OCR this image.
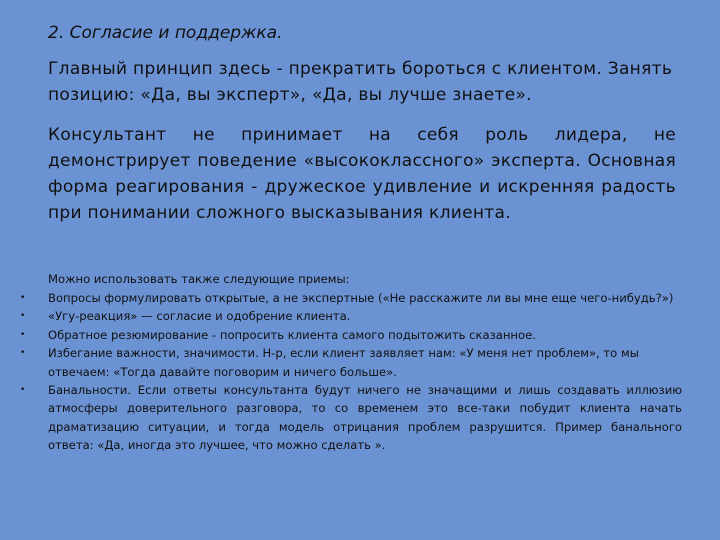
2. Согласие и поддержка.
Главный принцип здесь - прекратить бороться с клиентом. Занять позицию: «Да, вы эксперт», «Да, вы лучше знаете».
Консультант не принимает на себя роль лидера, не демонстрирует поведение «высококлассного» эксперта. Основная форма реагирования - дружеское удивление и искренняя радость при понимании сложного высказывания клиента.
Можно использовать также следующие приемы:
• Вопросы формулировать открытые, а не экспертные («Не расскажите ли вы мне еще чего-нибудь?»)
• «Угу-реакция» — согласие и одобрение клиента.
• Обратное резюмирование - попросить клиента самого подытожить сказанное.
• Избегание важности, значимости. Н-р, если клиент заявляет нам: «У меня нет проблем», то мы отвечаем: «Тогда давайте поговорим и ничего больше».
• Банальности. Если ответы консультанта будут ничего не значащими и лишь создавать иллюзию атмосферы доверительного разговора, то со временем это все-таки побудит клиента начать драматизацию ситуации, и тогда модель отрицания проблем разрушится. Пример банального ответа: «Да, иногда это лучшее, что можно сделать ».
